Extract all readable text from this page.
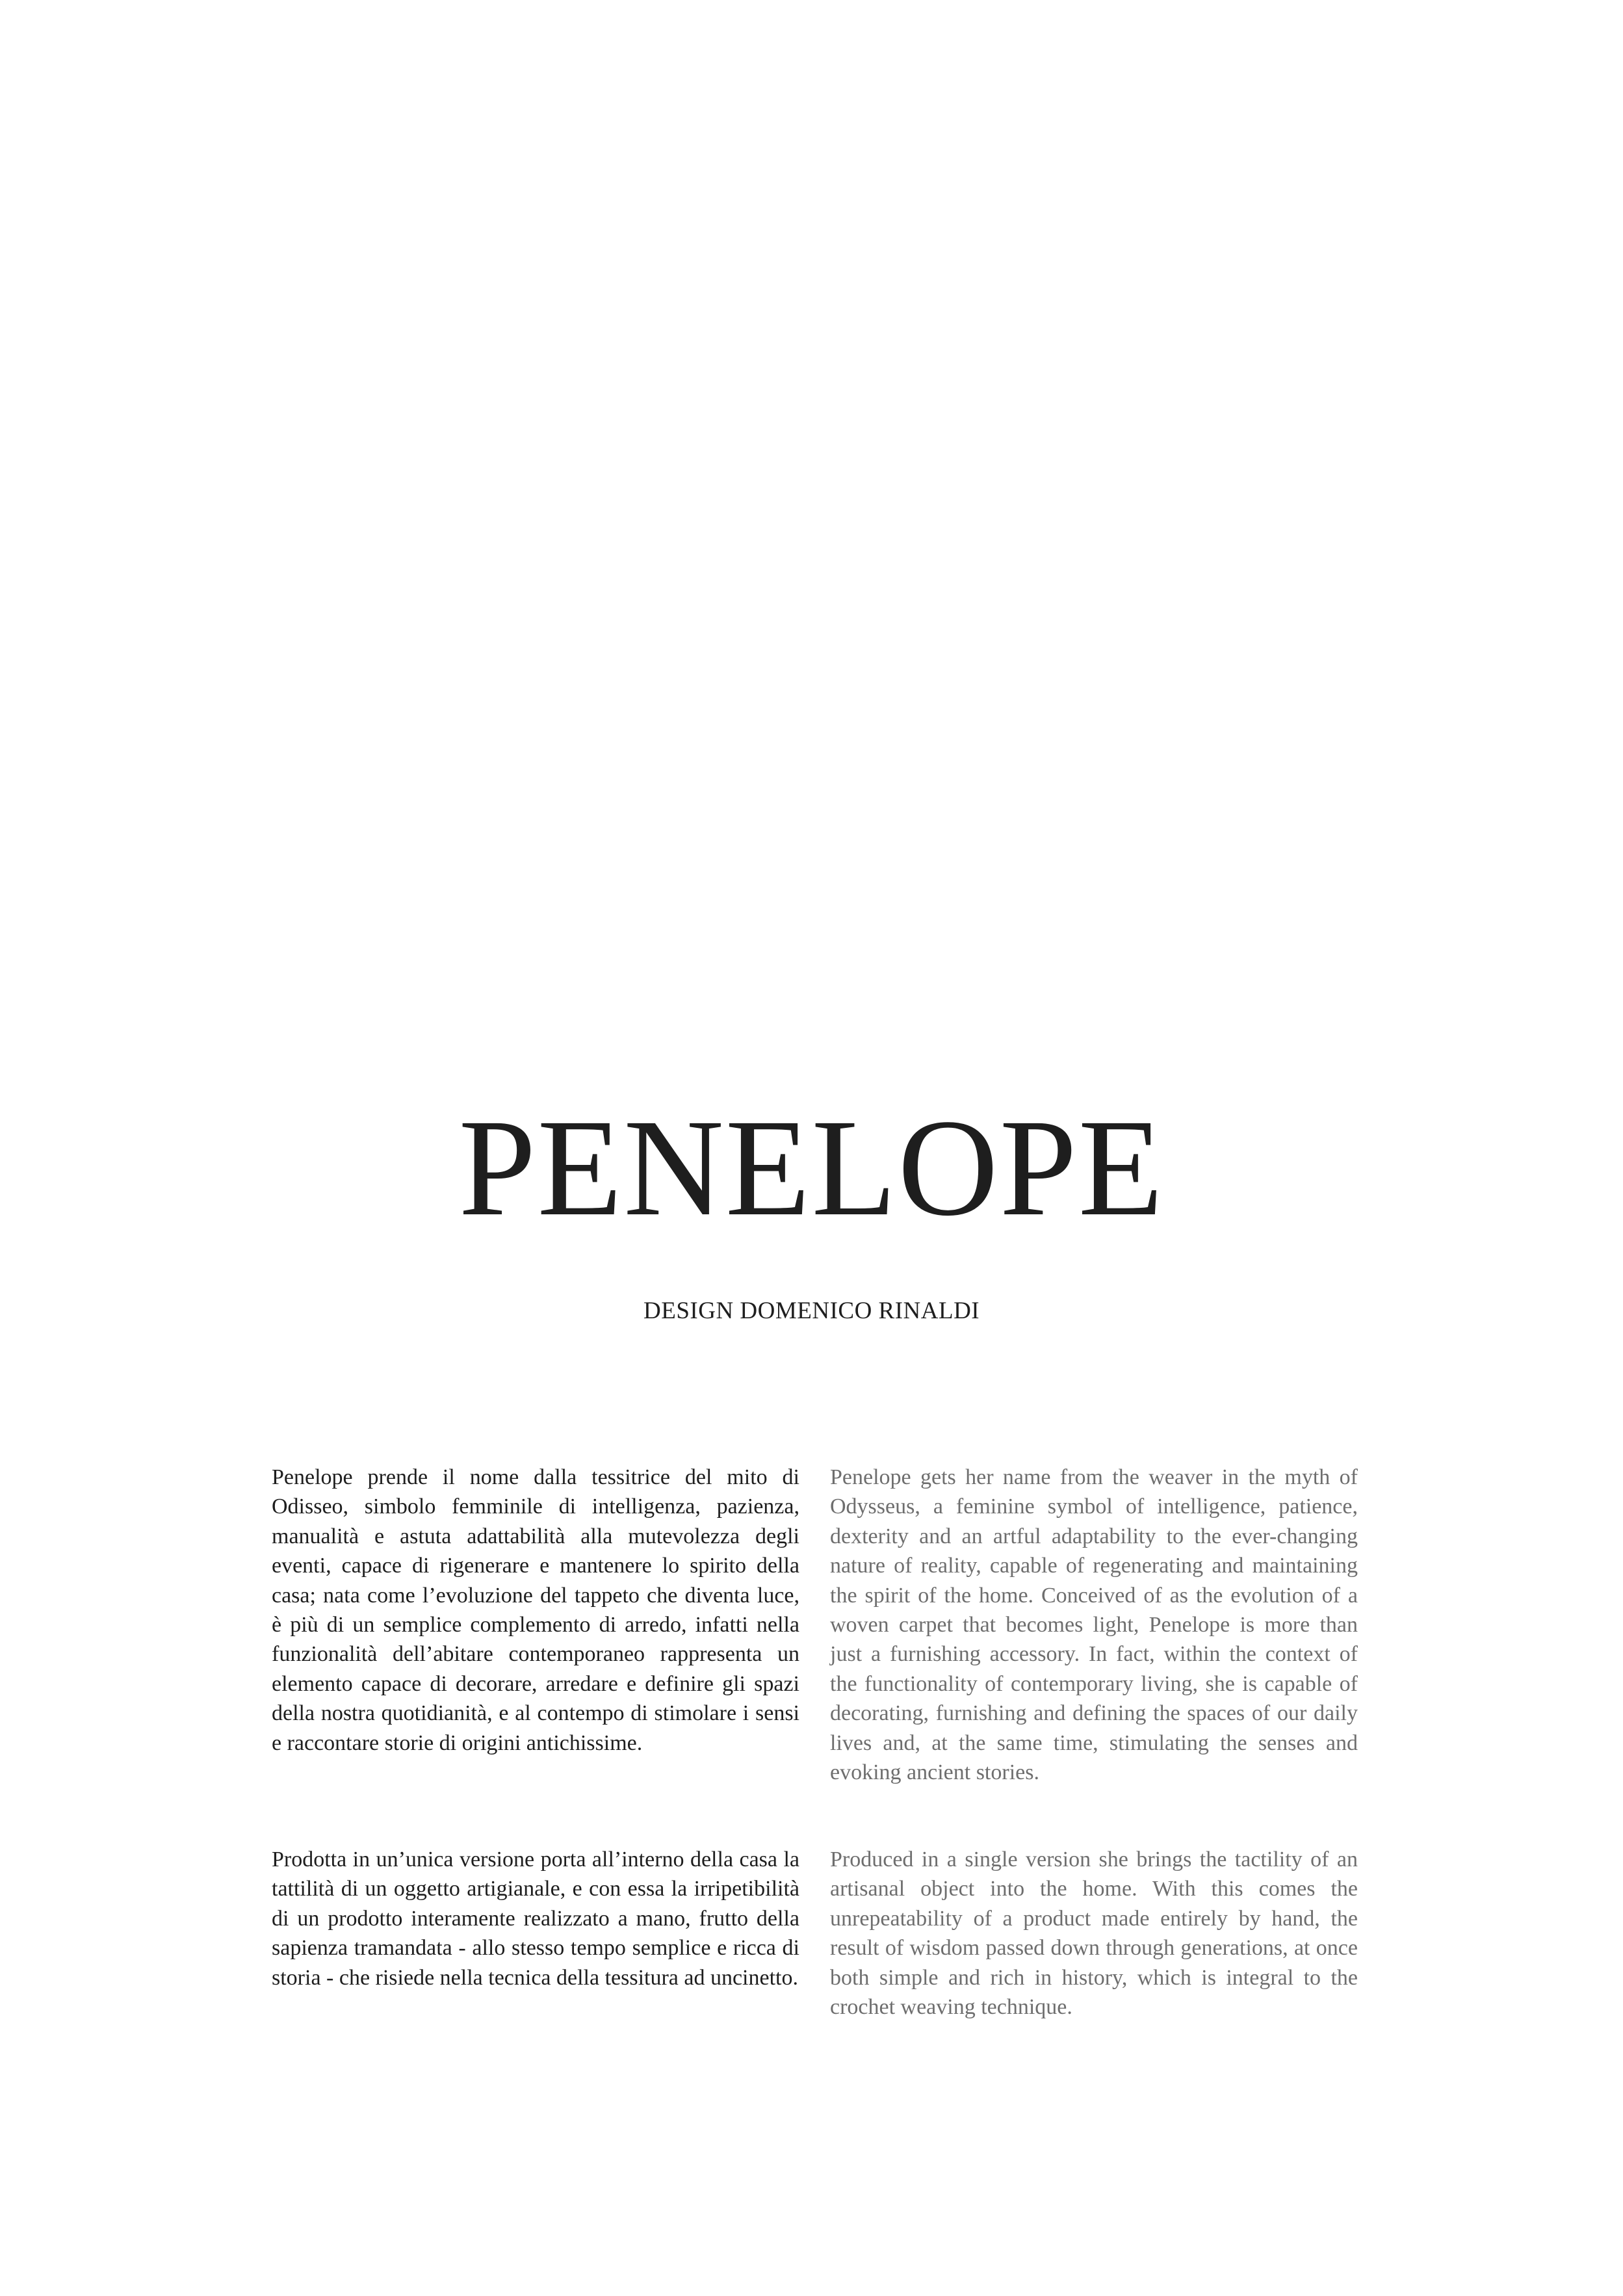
PENELOPE
DESIGN DOMENICO RINALDI

Penelope prende il nome dalla tessitrice del mito di Odisseo, simbolo femminile di intelligenza, pazienza, manualità e astuta adattabilità alla mutevolezza degli eventi, capace di rigenerare e mantenere lo spirito della casa; nata come l’evoluzione del tappeto che diventa luce, è più di un semplice complemento di arredo, infatti nella funzionalità dell’abitare contemporaneo rappresenta un elemento capace di decorare, arredare e definire gli spazi della nostra quotidianità, e al contempo di stimolare i sensi e raccontare storie di origini antichissime.

Prodotta in un’unica versione porta all’interno della casa la tattilità di un oggetto artigianale, e con essa la irripetibilità di un prodotto interamente realizzato a mano, frutto della sapienza tramandata - allo stesso tempo semplice e ricca di storia - che risiede nella tecnica della tessitura ad uncinetto.

Penelope gets her name from the weaver in the myth of Odysseus, a feminine symbol of intelligence, patience, dexterity and an artful adaptability to the ever-changing nature of reality, capable of regenerating and maintaining the spirit of the home. Conceived of as the evolution of a woven carpet that becomes light, Penelope is more than just a furnishing accessory. In fact, within the context of the functionality of contemporary living, she is capable of decorating, furnishing and defining the spaces of our daily lives and, at the same time, stimulating the senses and evoking ancient stories.

Produced in a single version she brings the tactility of an artisanal object into the home. With this comes the unrepeatability of a product made entirely by hand, the result of wisdom passed down through generations, at once both simple and rich in history, which is integral to the crochet weaving technique.
